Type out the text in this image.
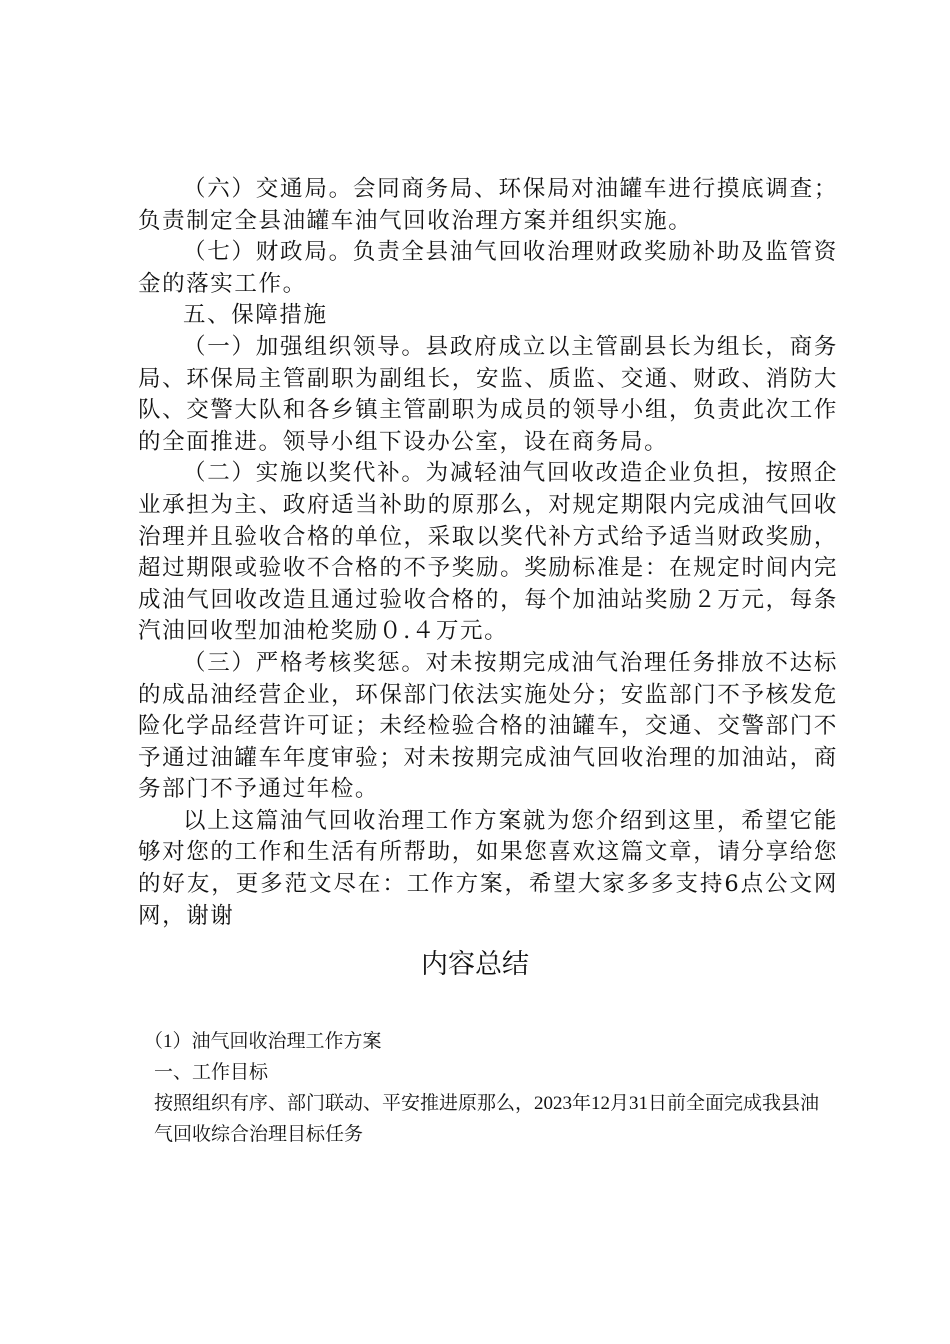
（六）交通局。会同商务局、环保局对油罐车进行摸底调查；负责制定全县油罐车油气回收治理方案并组织实施。

（七）财政局。负责全县油气回收治理财政奖励补助及监管资金的落实工作。

五、保障措施

（一）加强组织领导。县政府成立以主管副县长为组长，商务局、环保局主管副职为副组长，安监、质监、交通、财政、消防大队、交警大队和各乡镇主管副职为成员的领导小组，负责此次工作的全面推进。领导小组下设办公室，设在商务局。

（二）实施以奖代补。为减轻油气回收改造企业负担，按照企业承担为主、政府适当补助的原那么，对规定期限内完成油气回收治理并且验收合格的单位，采取以奖代补方式给予适当财政奖励，超过期限或验收不合格的不予奖励。奖励标准是：在规定时间内完成油气回收改造且通过验收合格的，每个加油站奖励２万元，每条汽油回收型加油枪奖励０.４万元。

（三）严格考核奖惩。对未按期完成油气治理任务排放不达标的成品油经营企业，环保部门依法实施处分；安监部门不予核发危险化学品经营许可证；未经检验合格的油罐车，交通、交警部门不予通过油罐车年度审验；对未按期完成油气回收治理的加油站，商务部门不予通过年检。

以上这篇油气回收治理工作方案就为您介绍到这里，希望它能够对您的工作和生活有所帮助，如果您喜欢这篇文章，请分享给您的好友，更多范文尽在：工作方案，希望大家多多支持6点公文网网，谢谢

内容总结

（1）油气回收治理工作方案

一、工作目标

按照组织有序、部门联动、平安推进原那么，2023年12月31日前全面完成我县油气回收综合治理目标任务
